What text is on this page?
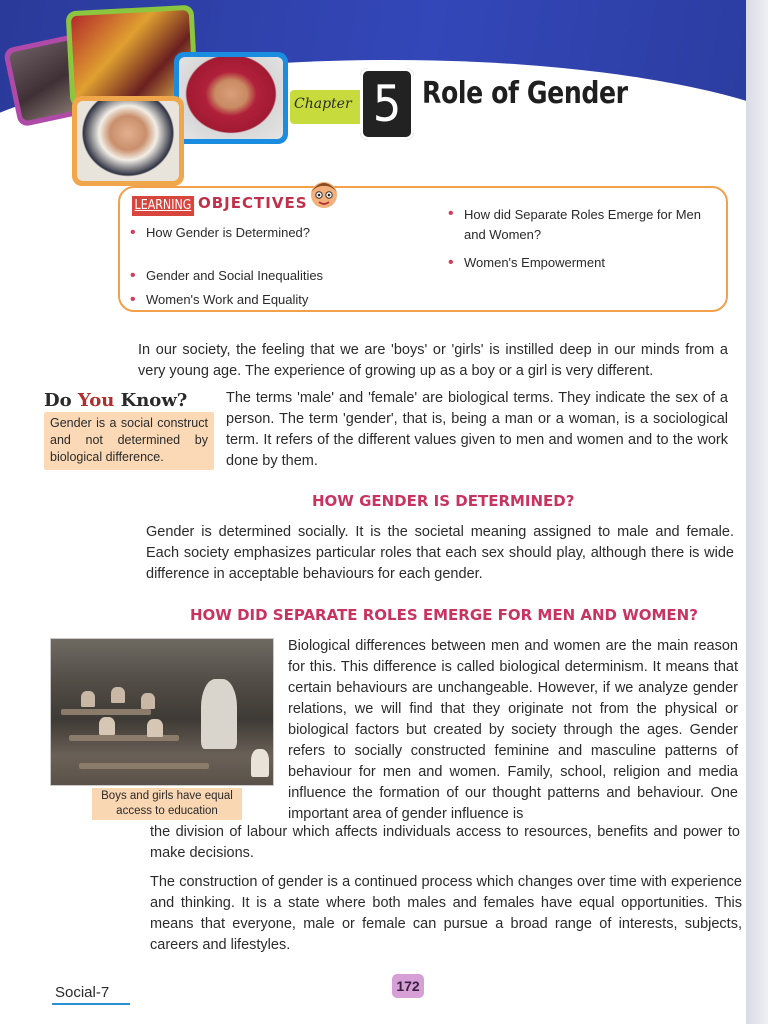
Chapter 5 Role of Gender
LEARNING OBJECTIVES
• How Gender is Determined?
• Gender and Social Inequalities
• Women's Work and Equality
• How did Separate Roles Emerge for Men and Women?
• Women's Empowerment
In our society, the feeling that we are 'boys' or 'girls' is instilled deep in our minds from a very young age. The experience of growing up as a boy or a girl is very different.
Do You Know?
Gender is a social construct and not determined by biological difference.
The terms 'male' and 'female' are biological terms. They indicate the sex of a person. The term 'gender', that is, being a man or a woman, is a sociological term. It refers of the different values given to men and women and to the work done by them.
HOW GENDER IS DETERMINED?
Gender is determined socially. It is the societal meaning assigned to male and female. Each society emphasizes particular roles that each sex should play, although there is wide difference in acceptable behaviours for each gender.
HOW DID SEPARATE ROLES EMERGE FOR MEN AND WOMEN?
Boys and girls have equal access to education
Biological differences between men and women are the main reason for this. This difference is called biological determinism. It means that certain behaviours are unchangeable. However, if we analyze gender relations, we will find that they originate not from the physical or biological factors but created by society through the ages. Gender refers to socially constructed feminine and masculine patterns of behaviour for men and women. Family, school, religion and media influence the formation of our thought patterns and behaviour. One important area of gender influence is
the division of labour which affects individuals access to resources, benefits and power to make decisions.
The construction of gender is a continued process which changes over time with experience and thinking. It is a state where both males and females have equal opportunities. This means that everyone, male or female can pursue a broad range of interests, subjects, careers and lifestyles.
Social-7	172
